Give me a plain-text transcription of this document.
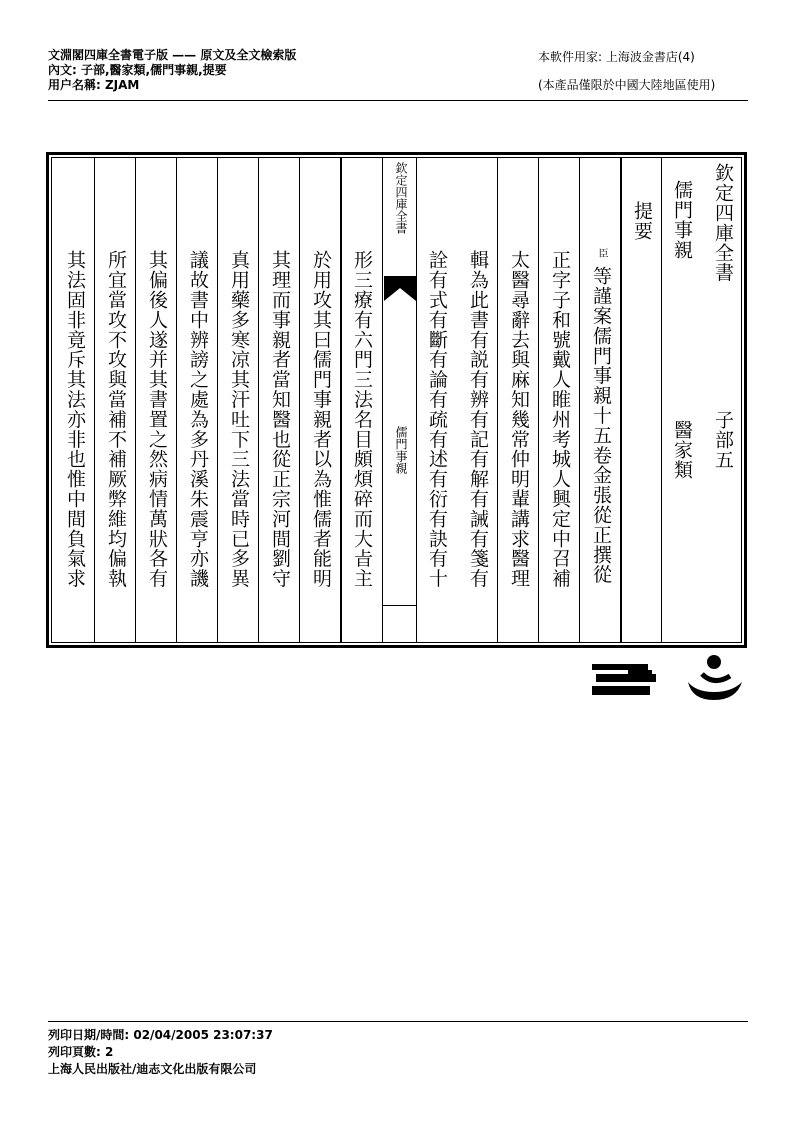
文淵閣四庫全書電子版 —— 原文及全文檢索版
內文: 子部,醫家類,儒門事親,提要
用户名稱: ZJAM
本軟件用家: 上海波金書店(4)
(本產品僅限於中國大陸地區使用)
欽定四庫全書
子部五
儒門事親
醫家類
提要
臣
等謹案儒門事親十五卷金張從正撰從
正字子和號戴人睢州考城人興定中召補
太醫尋辭去與麻知幾常仲明輩講求醫理
輯為此書有説有辨有記有解有誡有箋有
詮有式有斷有論有疏有述有衍有訣有十
欽定四庫全書
儒門事親
形三療有六門三法名目頗煩碎而大㫖主
於用攻其曰儒門事親者以為惟儒者能明
其理而事親者當知醫也從正宗河間劉守
真用藥多寒凉其汗吐下三法當時已多異
議故書中辨謗之處為多丹溪朱震亨亦譏
其偏後人遂并其書置之然病情萬狀各有
所宜當攻不攻與當補不補厥弊維均偏執
其法固非竟斥其法亦非也惟中間負氣求
列印日期/時間: 02/04/2005 23:07:37
列印頁數: 2
上海人民出版社/迪志文化出版有限公司
